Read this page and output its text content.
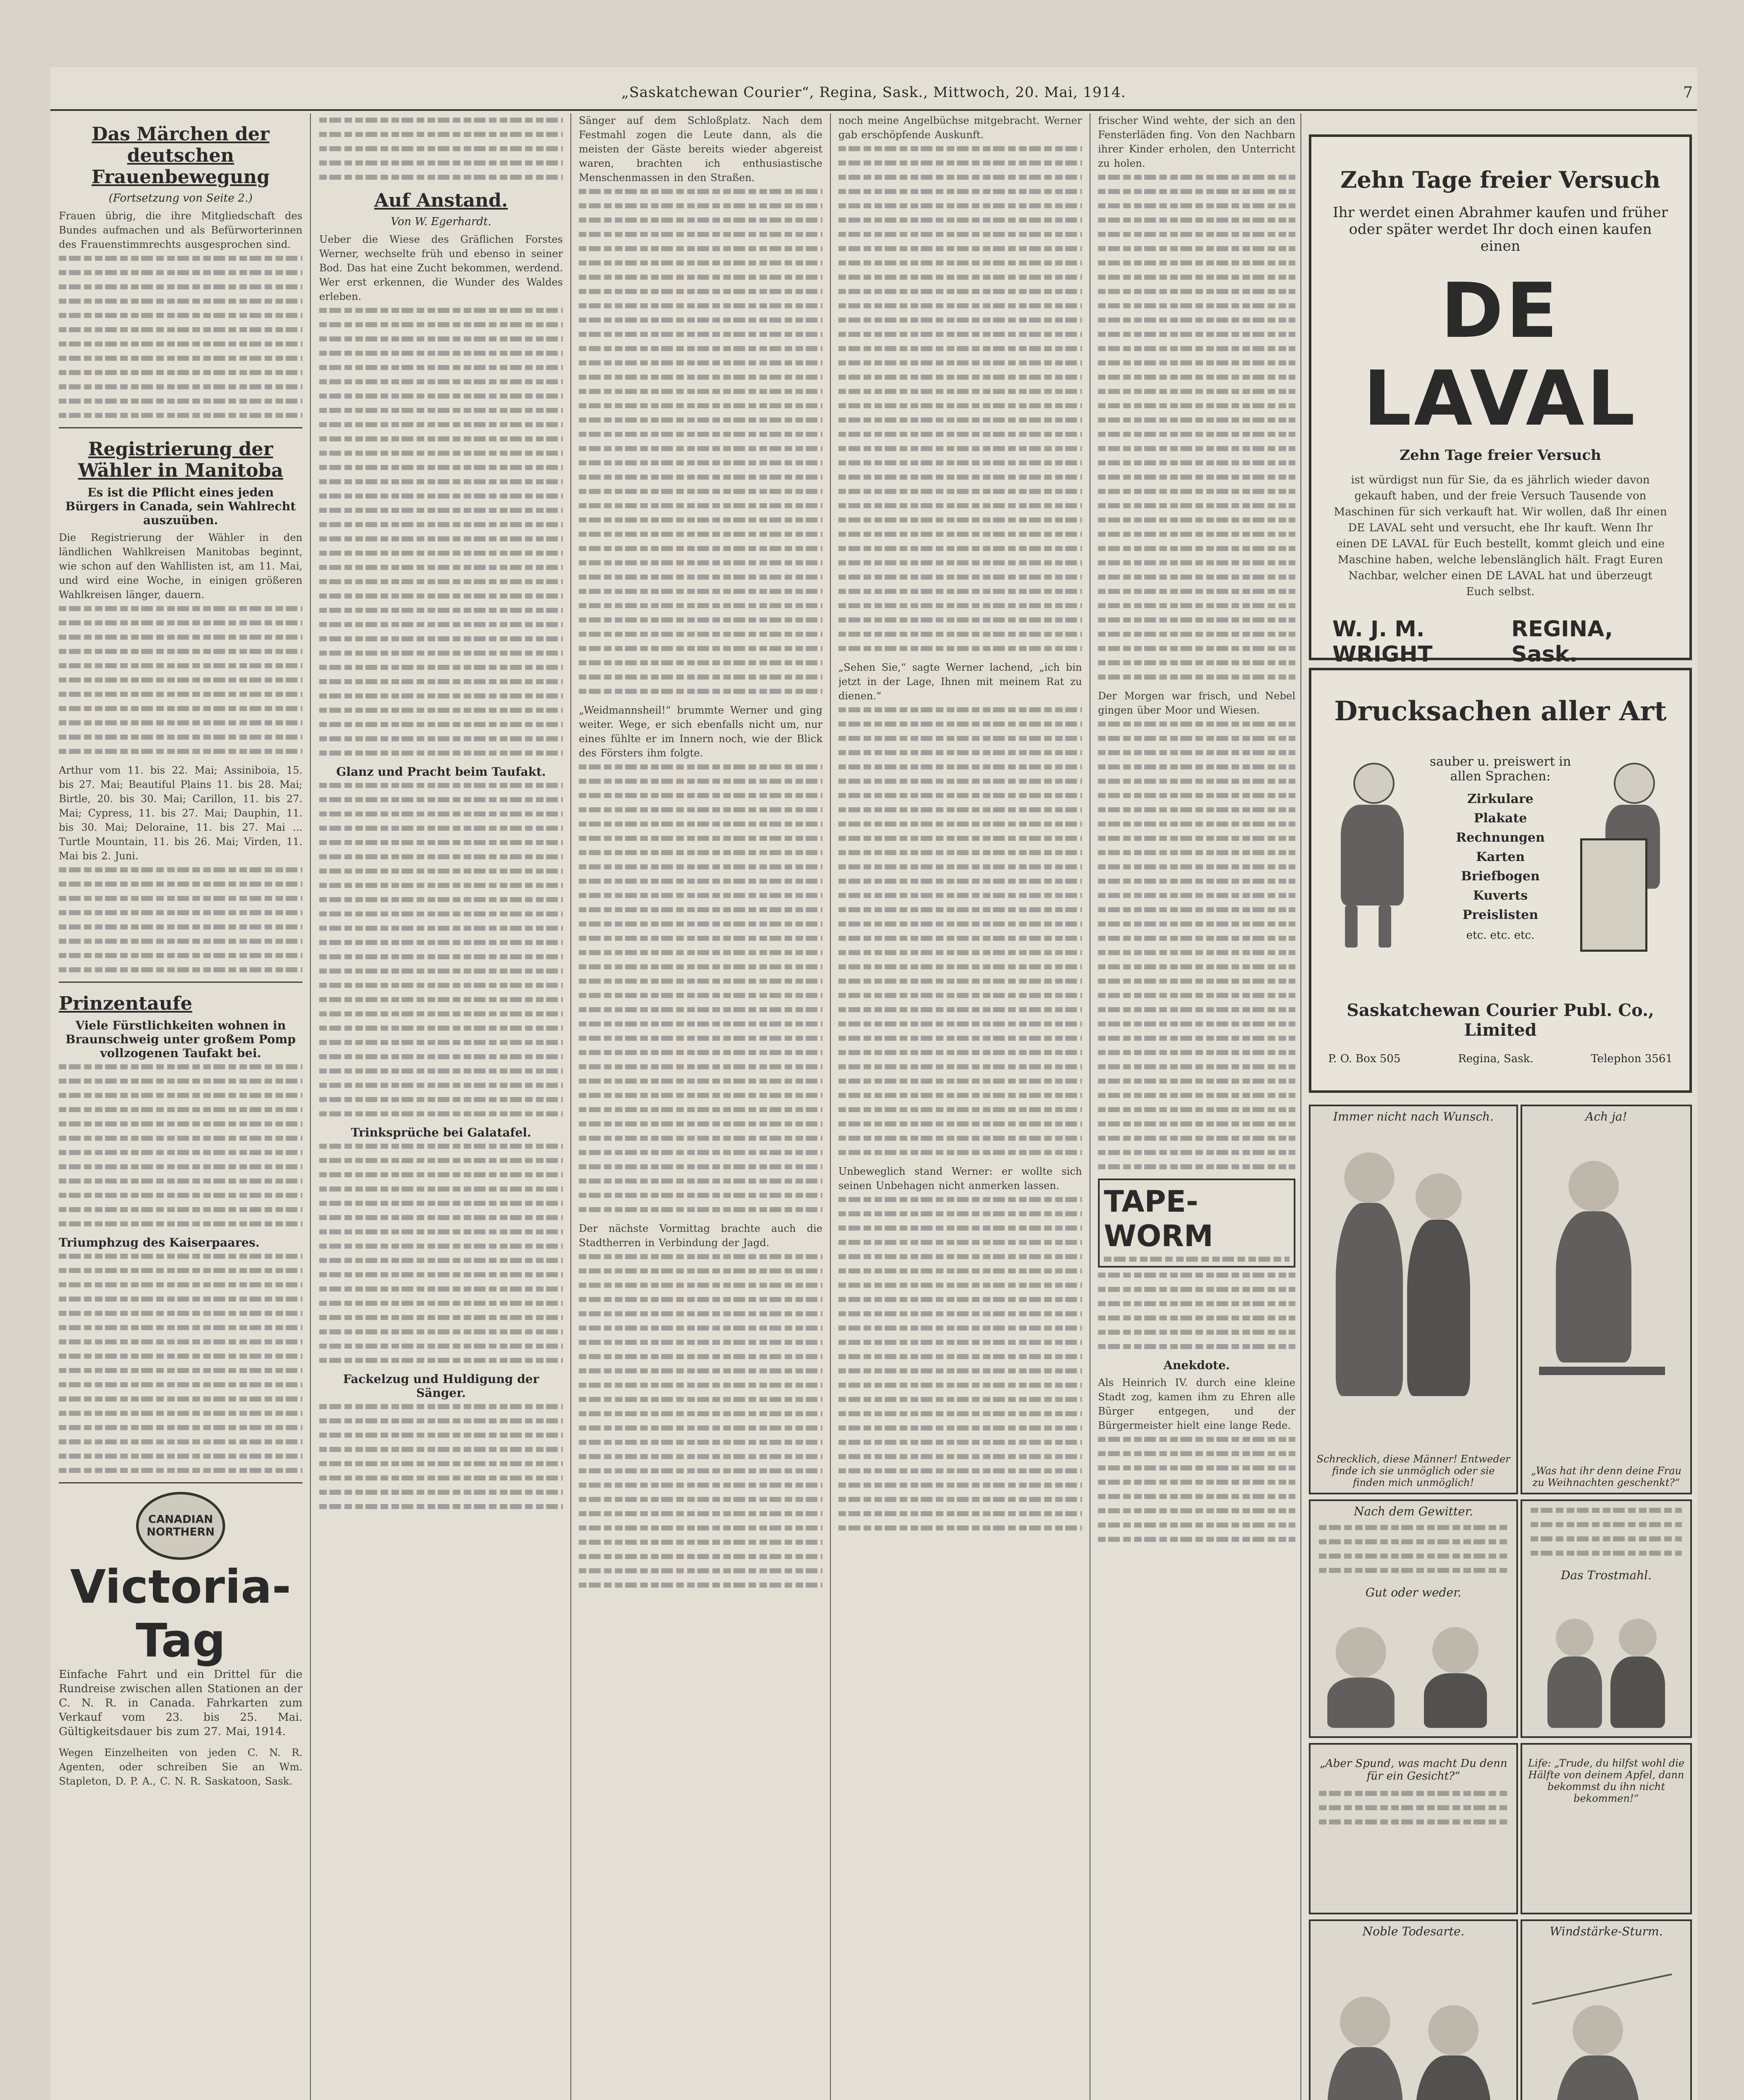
„Saskatchewan Courier“, Regina, Sask., Mittwoch, 20. Mai, 1914.	7
Das Märchen der deutschen Frauenbewegung
(Fortsetzung von Seite 2.)
Frauen übrig, die ihre Mitgliedschaft des Bundes aufmachen und als Befürworterinnen des Frauenstimmrechts ausgesprochen sind.
Registrierung der Wähler in Manitoba
Es ist die Pflicht eines jeden Bürgers in Canada, sein Wahlrecht auszuüben.
Die Registrierung der Wähler in den ländlichen Wahlkreisen Manitobas beginnt, wie schon auf den Wahllisten ist, am 11. Mai, und wird eine Woche, in einigen größeren Wahlkreisen länger, dauern.
Arthur vom 11. bis 22. Mai; Assiniboia, 15. bis 27. Mai; Beautiful Plains 11. bis 28. Mai; Birtle, 20. bis 30. Mai; Carillon, 11. bis 27. Mai; Cypress, 11. bis 27. Mai; Dauphin, 11. bis 30. Mai; Deloraine, 11. bis 27. Mai ... Turtle Mountain, 11. bis 26. Mai; Virden, 11. Mai bis 2. Juni.
Prinzentaufe
Viele Fürstlichkeiten wohnen in Braunschweig unter großem Pomp vollzogenen Taufakt bei.
Triumphzug des Kaiserpaares.
CANADIAN NORTHERN
Victoria-Tag
Einfache Fahrt und ein Drittel für die Rundreise zwischen allen Stationen an der C. N. R. in Canada. Fahrkarten zum Verkauf vom 23. bis 25. Mai. Gültigkeitsdauer bis zum 27. Mai, 1914.
Wegen Einzelheiten von jeden C. N. R. Agenten, oder schreiben Sie an Wm. Stapleton, D. P. A., C. N. R. Saskatoon, Sask.
Auf Anstand.
Von W. Egerhardt.
Ueber die Wiese des Gräflichen Forstes Werner, wechselte früh und ebenso in seiner Bod. Das hat eine Zucht bekommen, werdend. Wer erst erkennen, die Wunder des Waldes erleben.
Glanz und Pracht beim Taufakt.
Trinksprüche bei Galatafel.
Fackelzug und Huldigung der Sänger.
Sänger auf dem Schloßplatz. Nach dem Festmahl zogen die Leute dann, als die meisten der Gäste bereits wieder abgereist waren, brachten ich enthusiastische Menschenmassen in den Straßen.
„Weidmannsheil!“ brummte Werner und ging weiter. Wege, er sich ebenfalls nicht um, nur eines fühlte er im Innern noch, wie der Blick des Försters ihm folgte.
Der nächste Vormittag brachte auch die Stadtherren in Verbindung der Jagd.
noch meine Angelbüchse mitgebracht. Werner gab erschöpfende Auskunft.
„Sehen Sie,“ sagte Werner lachend, „ich bin jetzt in der Lage, Ihnen mit meinem Rat zu dienen.“
Unbeweglich stand Werner: er wollte sich seinen Unbehagen nicht anmerken lassen.
frischer Wind wehte, der sich an den Fensterläden fing. Von den Nachbarn ihrer Kinder erholen, den Unterricht zu holen.
Der Morgen war frisch, und Nebel gingen über Moor und Wiesen.
TAPE-WORM
Anekdote.
Als Heinrich IV. durch eine kleine Stadt zog, kamen ihm zu Ehren alle Bürger entgegen, und der Bürgermeister hielt eine lange Rede.
Zehn Tage freier Versuch
Ihr werdet einen Abrahmer kaufen und früher oder später werdet Ihr doch einen kaufen einen
DE LAVAL
Zehn Tage freier Versuch
ist würdigst nun für Sie, da es jährlich wieder davon gekauft haben, und der freie Versuch Tausende von Maschinen für sich verkauft hat. Wir wollen, daß Ihr einen DE LAVAL seht und versucht, ehe Ihr kauft. Wenn Ihr einen DE LAVAL für Euch bestellt, kommt gleich und eine Maschine haben, welche lebenslänglich hält. Fragt Euren Nachbar, welcher einen DE LAVAL hat und überzeugt Euch selbst.
W. J. M. WRIGHT
REGINA, Sask.
Drucksachen aller Art
sauber u. preiswert in allen Sprachen:
Zirkulare
Plakate
Rechnungen
Karten
Briefbogen
Kuverts
Preislisten
etc. etc. etc.
Saskatchewan Courier Publ. Co., Limited
P. O. Box 505	Regina, Sask.	Telephon 3561
Immer nicht nach Wunsch.
Schrecklich, diese Männer! Entweder finde ich sie unmöglich oder sie finden mich unmöglich!
Ach ja!
„Was hat ihr denn deine Frau zu Weihnachten geschenkt?“
Nach dem Gewitter.
Gut oder weder.
Das Trostmahl.
„Aber Spund, was macht Du denn für ein Gesicht?“
Life: „Trude, du hilfst wohl die Hälfte von deinem Apfel, dann bekommst du ihn nicht bekommen!“
Noble Todesarte.	Windstärke-Sturm.
